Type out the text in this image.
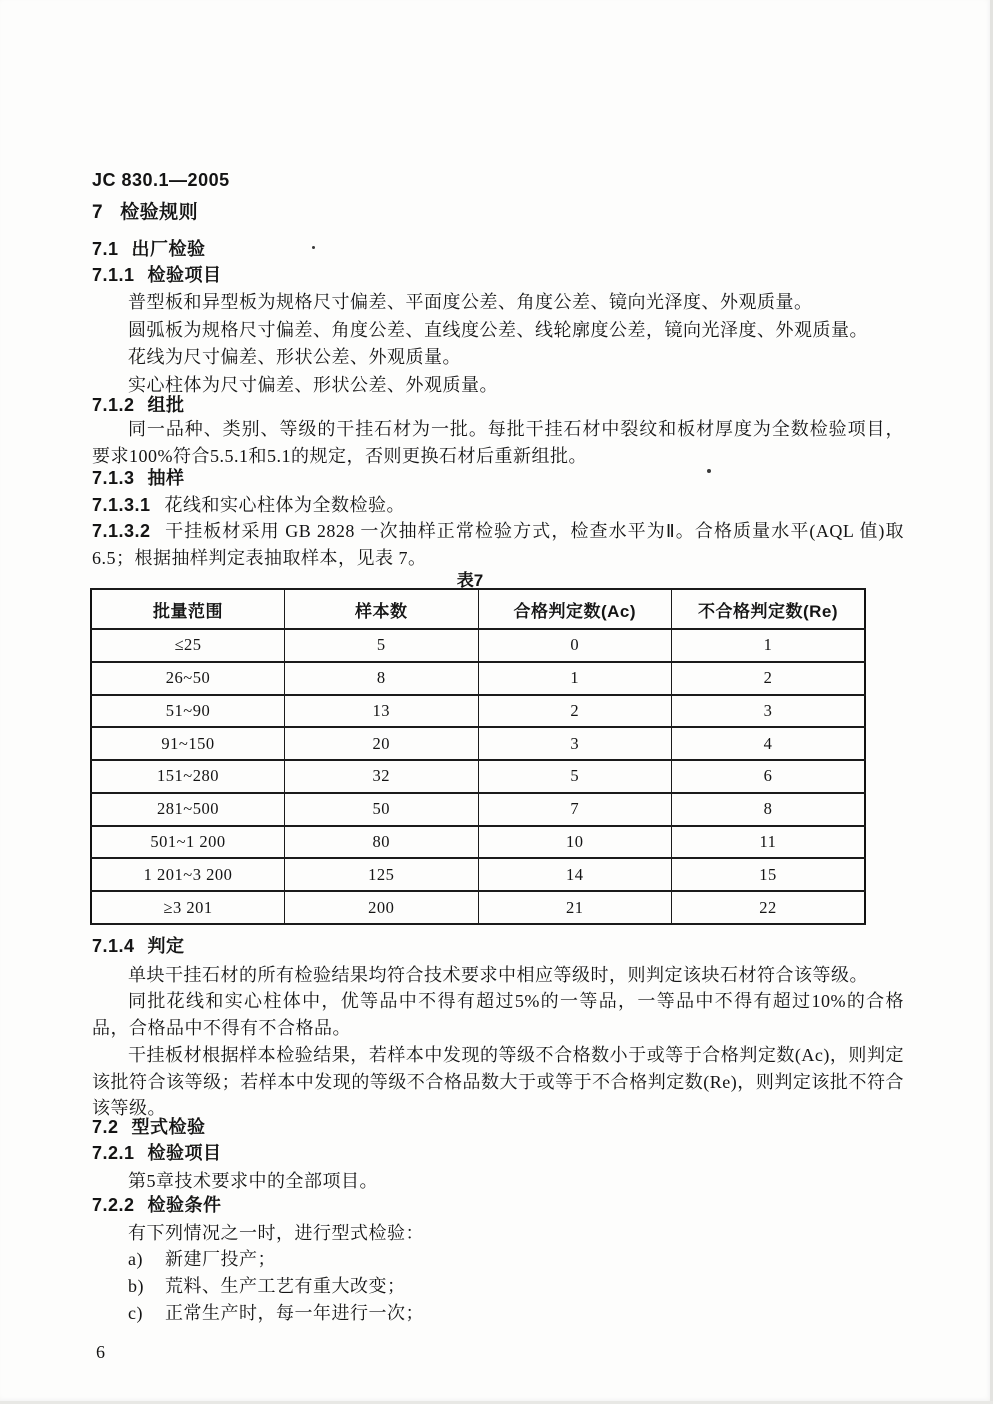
JC 830.1—2005
7 检验规则
7.1 出厂检验
7.1.1 检验项目
普型板和异型板为规格尺寸偏差、平面度公差、角度公差、镜向光泽度、外观质量。
圆弧板为规格尺寸偏差、角度公差、直线度公差、线轮廓度公差，镜向光泽度、外观质量。
花线为尺寸偏差、形状公差、外观质量。
实心柱体为尺寸偏差、形状公差、外观质量。
7.1.2 组批
同一品种、类别、等级的干挂石材为一批。每批干挂石材中裂纹和板材厚度为全数检验项目，要求100%符合5.5.1和5.1的规定，否则更换石材后重新组批。
7.1.3 抽样
7.1.3.1 花线和实心柱体为全数检验。
7.1.3.2 干挂板材采用 GB 2828 一次抽样正常检验方式，检查水平为Ⅱ。合格质量水平(AQL 值)取 6.5；根据抽样判定表抽取样本，见表 7。
表7
批量范围	样本数	合格判定数(Ac)	不合格判定数(Re)
≤25	5	0	1
26~50	8	1	2
51~90	13	2	3
91~150	20	3	4
151~280	32	5	6
281~500	50	7	8
501~1 200	80	10	11
1 201~3 200	125	14	15
≥3 201	200	21	22
7.1.4 判定
单块干挂石材的所有检验结果均符合技术要求中相应等级时，则判定该块石材符合该等级。
同批花线和实心柱体中，优等品中不得有超过5%的一等品，一等品中不得有超过10%的合格品，合格品中不得有不合格品。
干挂板材根据样本检验结果，若样本中发现的等级不合格数小于或等于合格判定数(Ac)，则判定该批符合该等级；若样本中发现的等级不合格品数大于或等于不合格判定数(Re)，则判定该批不符合该等级。
7.2 型式检验
7.2.1 检验项目
第5章技术要求中的全部项目。
7.2.2 检验条件
有下列情况之一时，进行型式检验：
a) 新建厂投产；
b) 荒料、生产工艺有重大改变；
c) 正常生产时，每一年进行一次；
6
